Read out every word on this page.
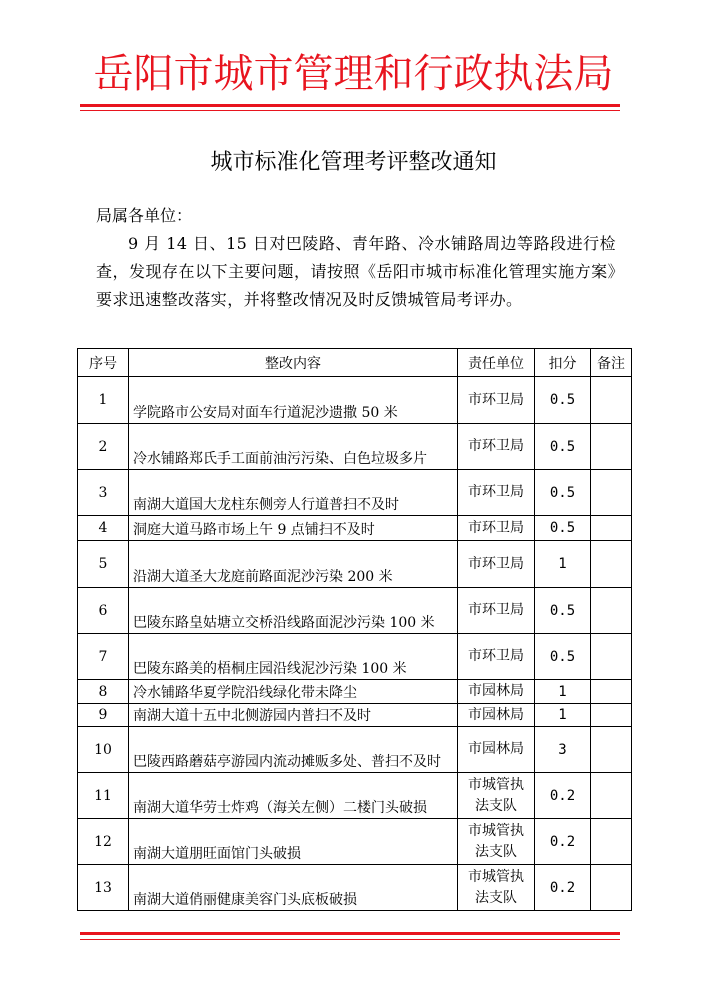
岳阳市城市管理和行政执法局
城市标准化管理考评整改通知
局属各单位：
9 月 14 日、15 日对巴陵路、青年路、冷水铺路周边等路段进行检查，发现存在以下主要问题，请按照《岳阳市城市标准化管理实施方案》要求迅速整改落实，并将整改情况及时反馈城管局考评办。
序号	整改内容	责任单位	扣分	备注
1	学院路市公安局对面车行道泥沙遗撒 50 米	市环卫局	0.5	
2	冷水铺路郑氏手工面前油污污染、白色垃圾多片	市环卫局	0.5	
3	南湖大道国大龙柱东侧旁人行道普扫不及时	市环卫局	0.5	
4	洞庭大道马路市场上午 9 点铺扫不及时	市环卫局	0.5	
5	沿湖大道圣大龙庭前路面泥沙污染 200 米	市环卫局	1	
6	巴陵东路皇姑塘立交桥沿线路面泥沙污染 100 米	市环卫局	0.5	
7	巴陵东路美的梧桐庄园沿线泥沙污染 100 米	市环卫局	0.5	
8	冷水铺路华夏学院沿线绿化带未降尘	市园林局	1	
9	南湖大道十五中北侧游园内普扫不及时	市园林局	1	
10	巴陵西路蘑菇亭游园内流动摊贩多处、普扫不及时	市园林局	3	
11	南湖大道华劳士炸鸡（海关左侧）二楼门头破损	市城管执法支队	0.2	
12	南湖大道朋旺面馆门头破损	市城管执法支队	0.2	
13	南湖大道俏丽健康美容门头底板破损	市城管执法支队	0.2	
